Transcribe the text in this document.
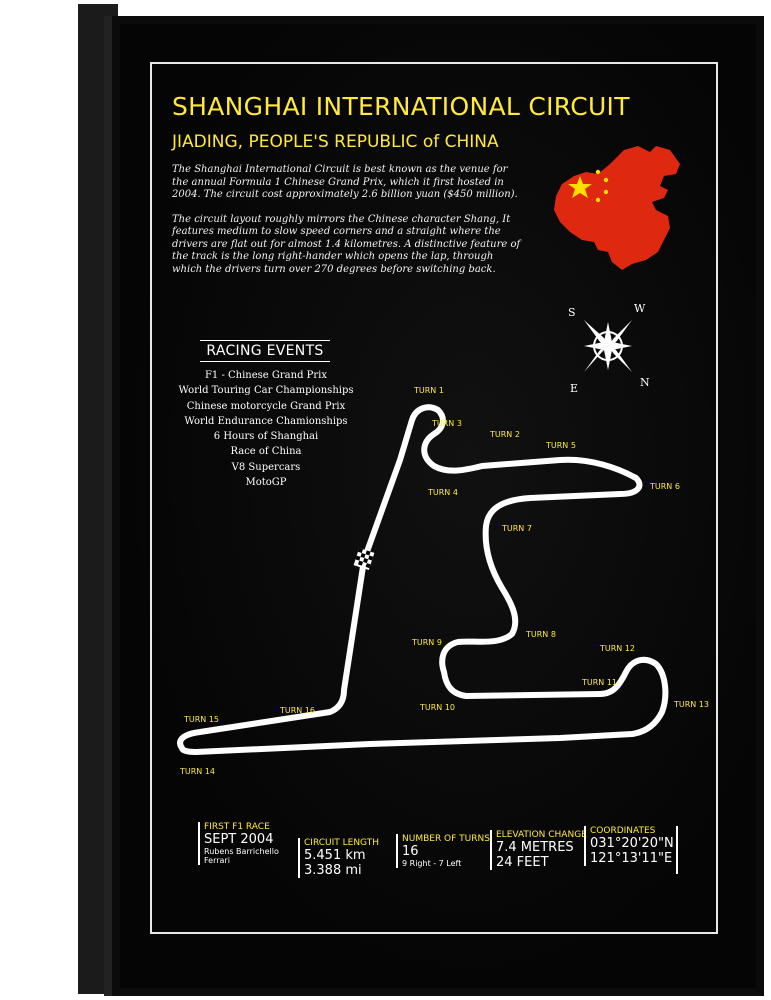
SHANGHAI INTERNATIONAL CIRCUIT
JIADING, PEOPLE'S REPUBLIC of CHINA

The Shanghai International Circuit is best known as the venue for the annual Formula 1 Chinese Grand Prix, which it first hosted in 2004. The circuit cost approximately 2.6 billion yuan ($450 million).

The circuit layout roughly mirrors the Chinese character Shang, It features medium to slow speed corners and a straight where the drivers are flat out for almost 1.4 kilometres. A distinctive feature of the track is the long right-hander which opens the lap, through which the drivers turn over 270 degrees before switching back.

S	W
E	N
RACING EVENTS
F1 - Chinese Grand Prix
World Touring Car Championships
Chinese motorcycle Grand Prix
World Endurance Chamionships
6 Hours of Shanghai
Race of China
V8 Supercars
MotoGP
TURN 1
TURN 2
TURN 3
TURN 4
TURN 5
TURN 6
TURN 7
TURN 8
TURN 9
TURN 10
TURN 11
TURN 12
TURN 13
TURN 14
TURN 15
TURN 16
FIRST F1 RACE
SEPT 2004
Rubens Barrichello
Ferrari
CIRCUIT LENGTH
5.451 km
3.388 mi
NUMBER OF TURNS
16
9 Right - 7 Left
ELEVATION CHANGE
7.4 METRES
24 FEET
COORDINATES
031°20'20"N
121°13'11"E
